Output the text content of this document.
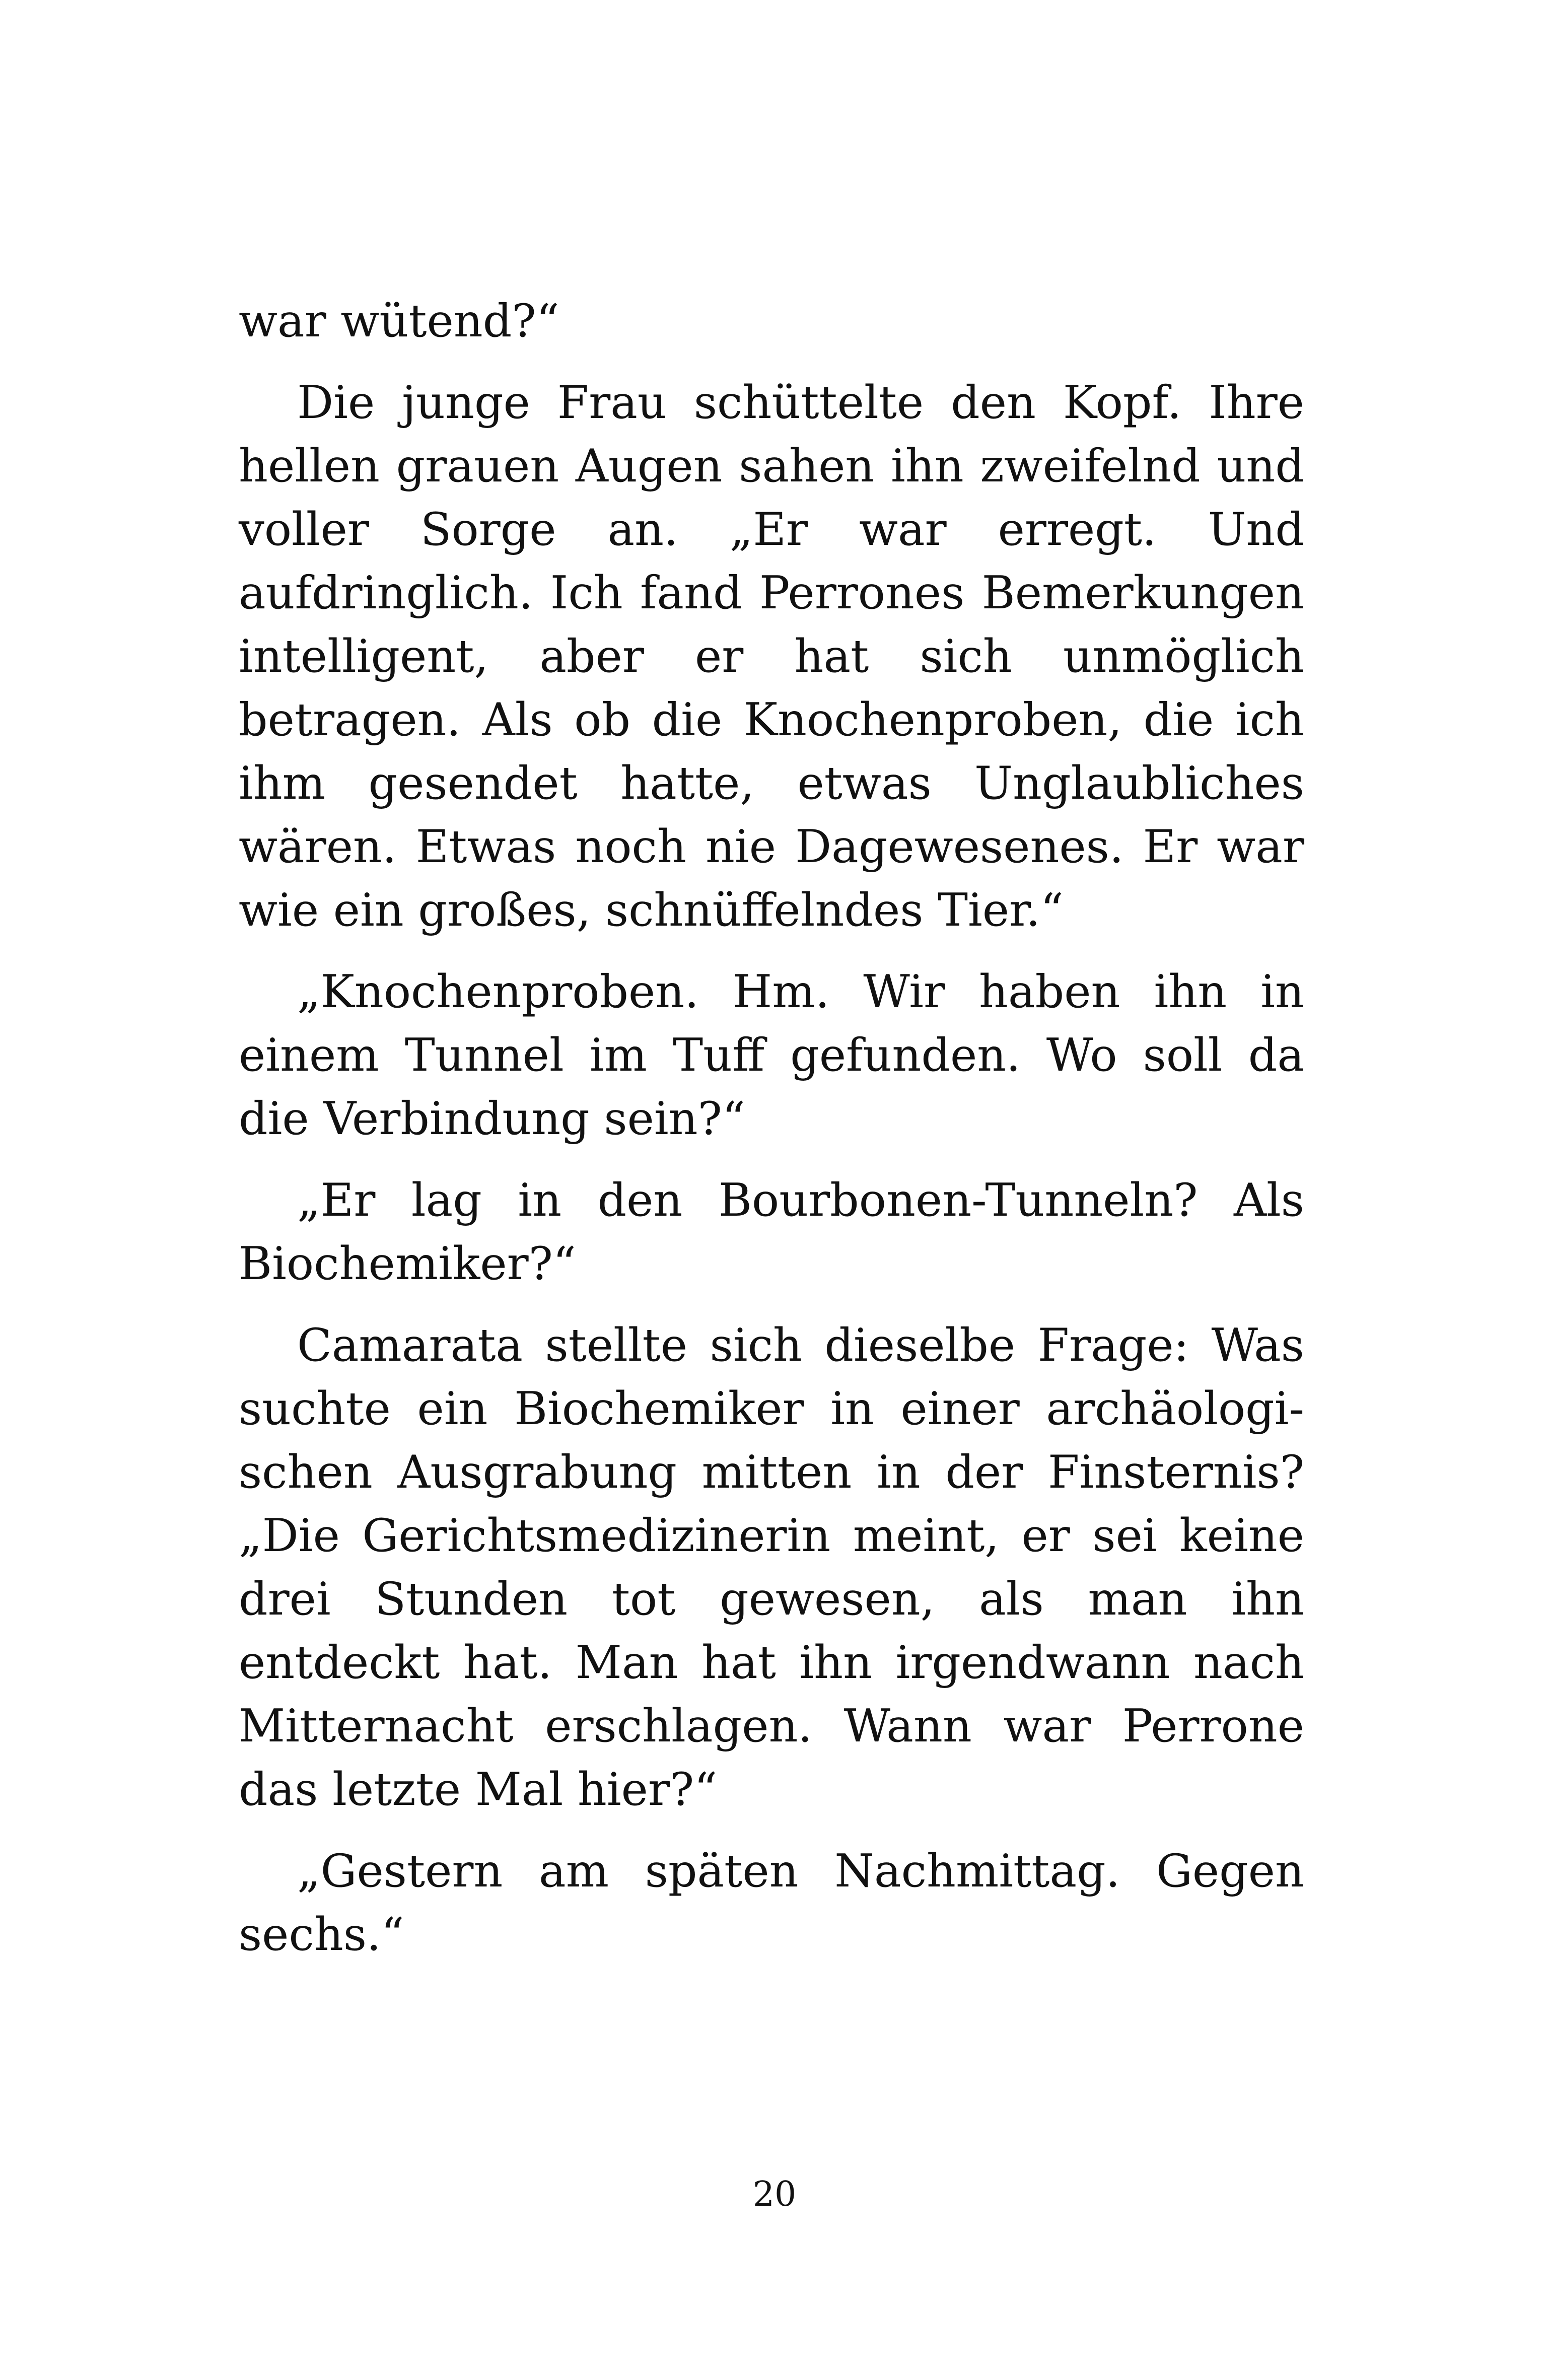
war wütend?“

Die junge Frau schüttelte den Kopf. Ihre hellen grauen Augen sahen ihn zweifelnd und voller Sorge an. „Er war erregt. Und aufdringlich. Ich fand Perrones Bemerkungen intelligent, aber er hat sich unmöglich betragen. Als ob die Knochenproben, die ich ihm gesendet hatte, etwas Unglaubliches wären. Etwas noch nie Dagewesenes. Er war wie ein großes, schnüffelndes Tier.“

„Knochenproben. Hm. Wir haben ihn in einem Tunnel im Tuff gefunden. Wo soll da die Verbindung sein?“

„Er lag in den Bourbonen-Tunneln? Als Biochemiker?“

Camarata stellte sich dieselbe Frage: Was suchte ein Biochemiker in einer archäologischen Ausgrabung mitten in der Finsternis? „Die Gerichtsmedizinerin meint, er sei keine drei Stunden tot gewesen, als man ihn entdeckt hat. Man hat ihn irgendwann nach Mitternacht erschlagen. Wann war Perrone das letzte Mal hier?“

„Gestern am späten Nachmittag. Gegen sechs.“

20
